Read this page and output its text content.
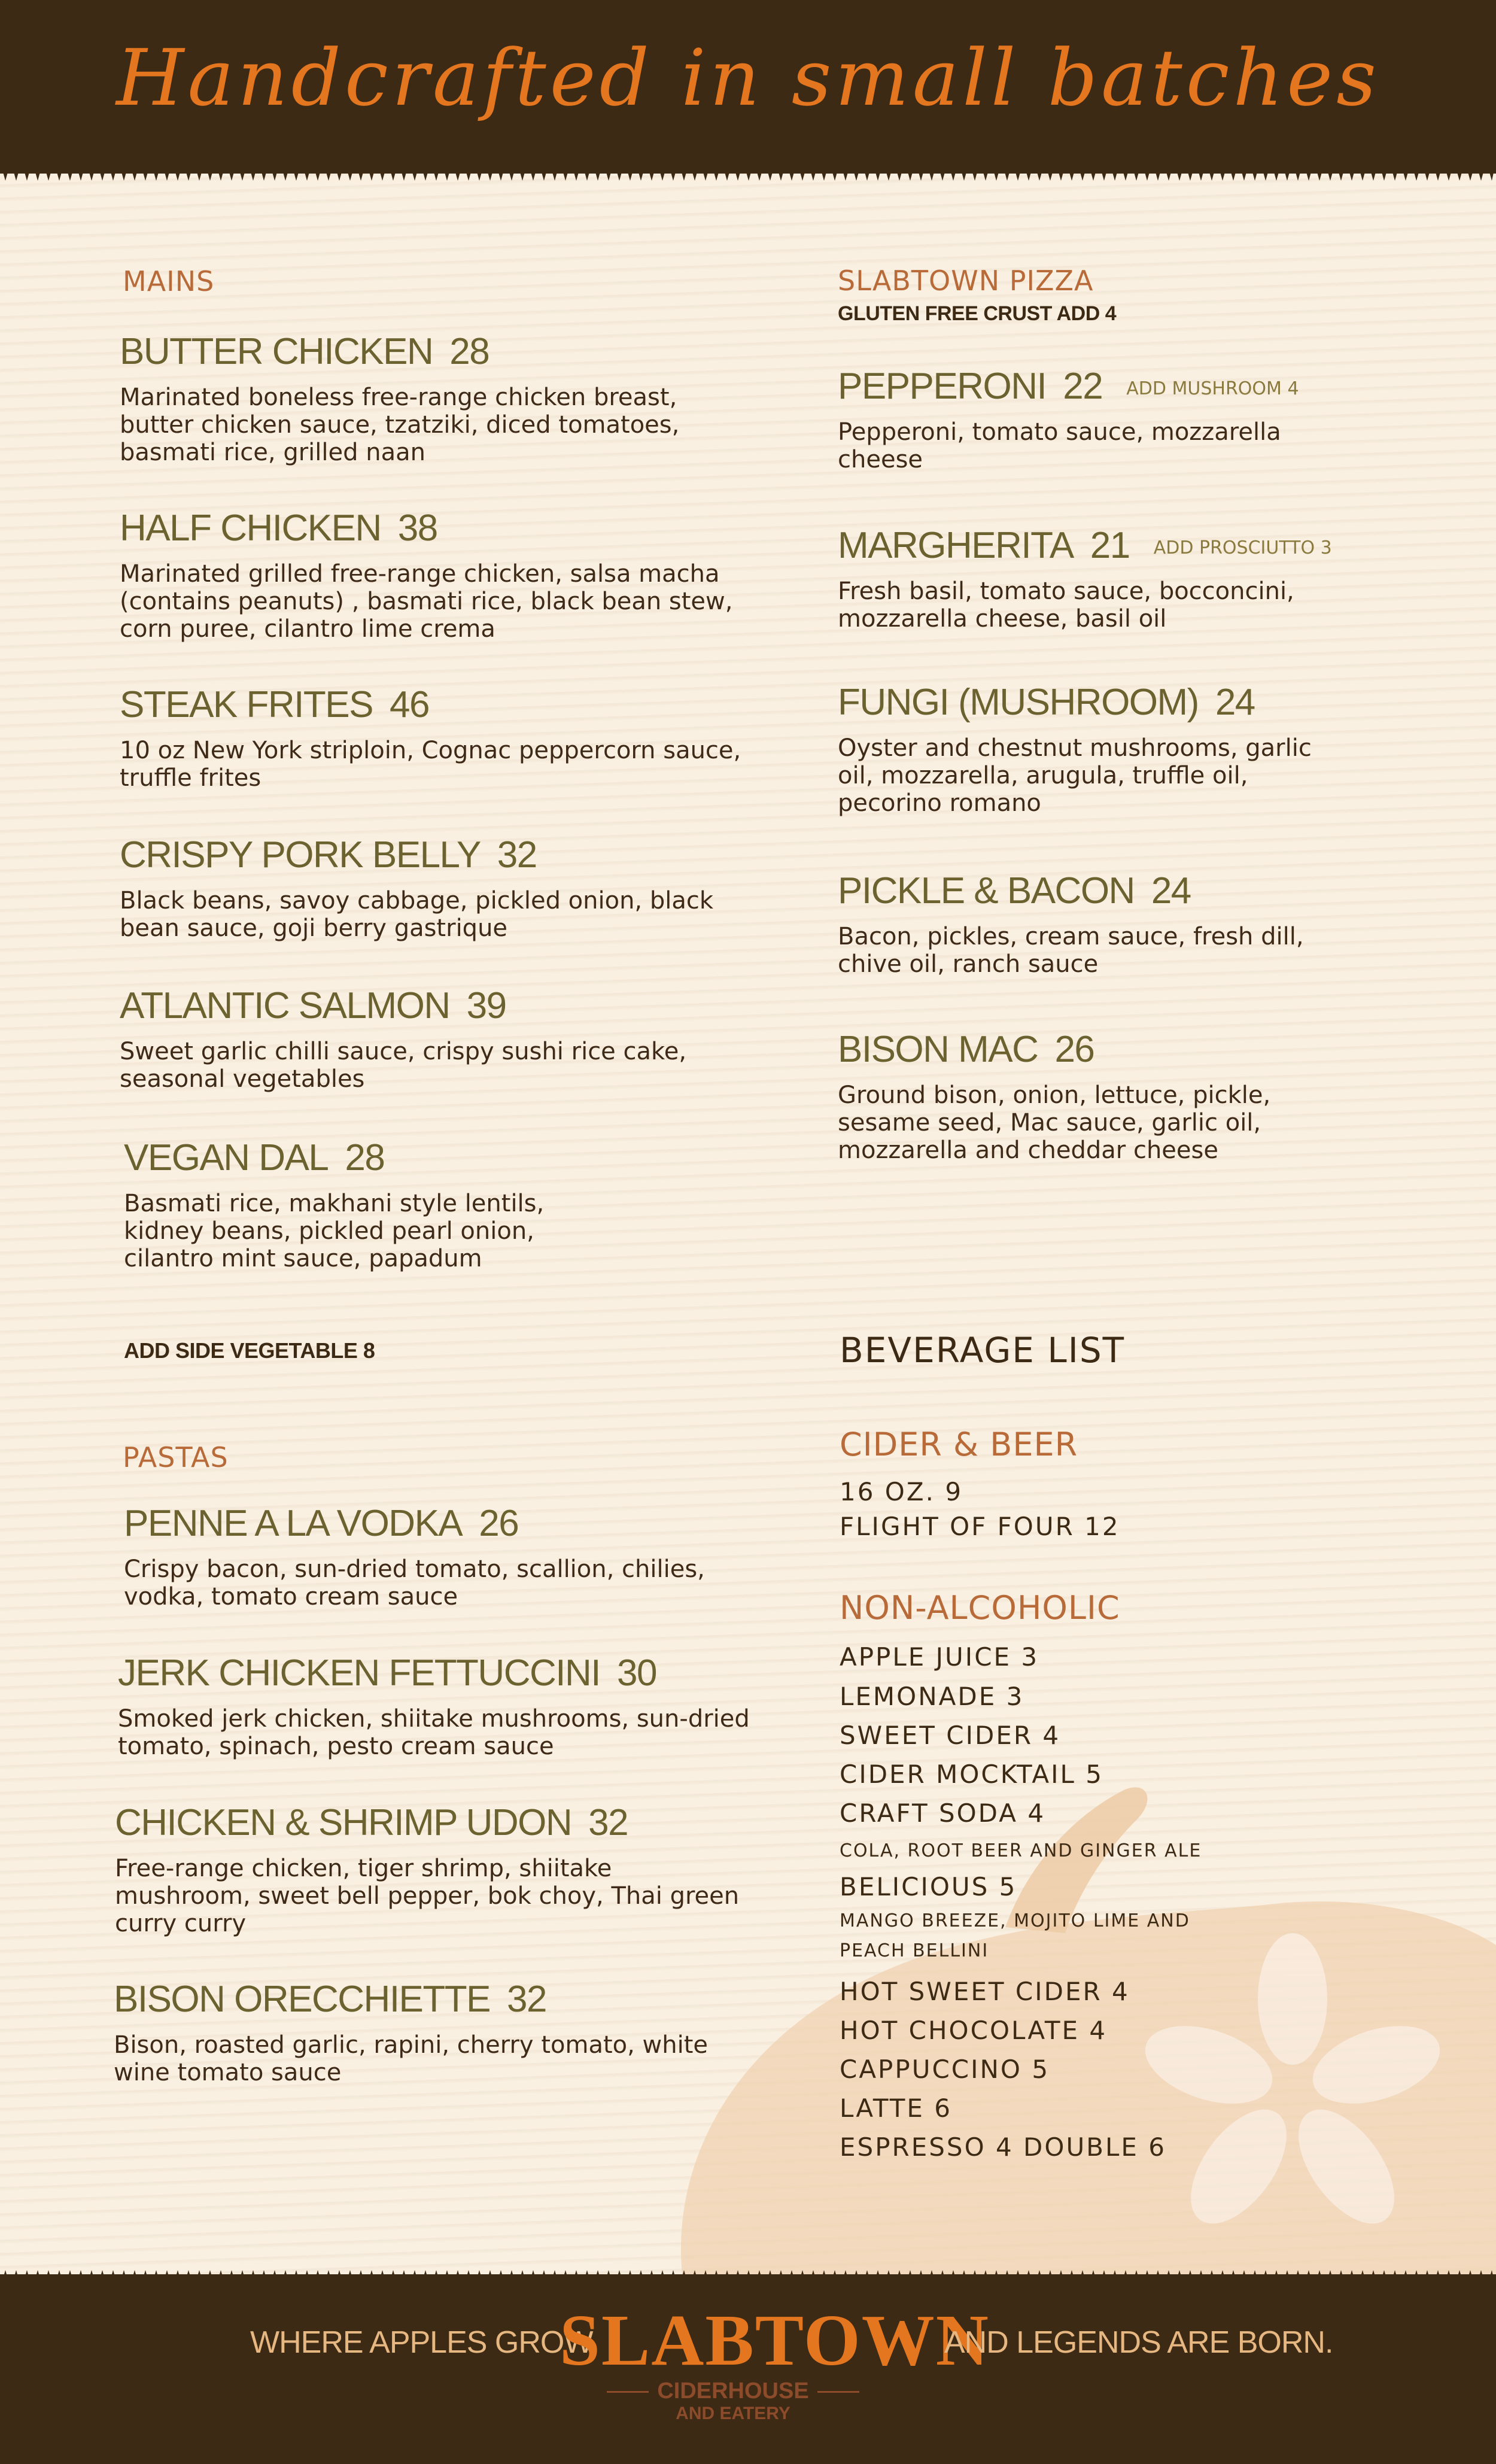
Handcrafted in small batches
MAINS
BUTTER CHICKEN 28
Marinated boneless free-range chicken breast, butter chicken sauce, tzatziki, diced tomatoes, basmati rice, grilled naan
HALF CHICKEN 38
Marinated grilled free-range chicken, salsa macha (contains peanuts) , basmati rice, black bean stew, corn puree, cilantro lime crema
STEAK FRITES 46
10 oz New York striploin, Cognac peppercorn sauce, truffle frites
CRISPY PORK BELLY 32
Black beans, savoy cabbage, pickled onion, black bean sauce, goji berry gastrique
ATLANTIC SALMON 39
Sweet garlic chilli sauce, crispy sushi rice cake, seasonal vegetables
VEGAN DAL 28
Basmati rice, makhani style lentils, kidney beans, pickled pearl onion, cilantro mint sauce, papadum
ADD SIDE VEGETABLE 8
PASTAS
PENNE A LA VODKA 26
Crispy bacon, sun-dried tomato, scallion, chilies, vodka, tomato cream sauce
JERK CHICKEN FETTUCCINI 30
Smoked jerk chicken, shiitake mushrooms, sun-dried tomato, spinach, pesto cream sauce
CHICKEN & SHRIMP UDON 32
Free-range chicken, tiger shrimp, shiitake mushroom, sweet bell pepper, bok choy, Thai green curry curry
BISON ORECCHIETTE 32
Bison, roasted garlic, rapini, cherry tomato, white wine tomato sauce
SLABTOWN PIZZA
GLUTEN FREE CRUST ADD 4
PEPPERONI 22 ADD MUSHROOM 4
Pepperoni, tomato sauce, mozzarella cheese
MARGHERITA 21 ADD PROSCIUTTO 3
Fresh basil, tomato sauce, bocconcini, mozzarella cheese, basil oil
FUNGI (MUSHROOM) 24
Oyster and chestnut mushrooms, garlic oil, mozzarella, arugula, truffle oil, pecorino romano
PICKLE & BACON 24
Bacon, pickles, cream sauce, fresh dill, chive oil, ranch sauce
BISON MAC 26
Ground bison, onion, lettuce, pickle, sesame seed, Mac sauce, garlic oil, mozzarella and cheddar cheese
BEVERAGE LIST
CIDER & BEER
16 OZ. 9
FLIGHT OF FOUR 12
NON-ALCOHOLIC
APPLE JUICE 3
LEMONADE 3
SWEET CIDER 4
CIDER MOCKTAIL 5
CRAFT SODA 4
COLA, ROOT BEER AND GINGER ALE
BELICIOUS 5
MANGO BREEZE, MOJITO LIME AND
PEACH BELLINI
HOT SWEET CIDER 4
HOT CHOCOLATE 4
CAPPUCCINO 5
LATTE 6
ESPRESSO 4 DOUBLE 6
WHERE APPLES GROW
SLABTOWN
CIDERHOUSE
AND EATERY
AND LEGENDS ARE BORN.
